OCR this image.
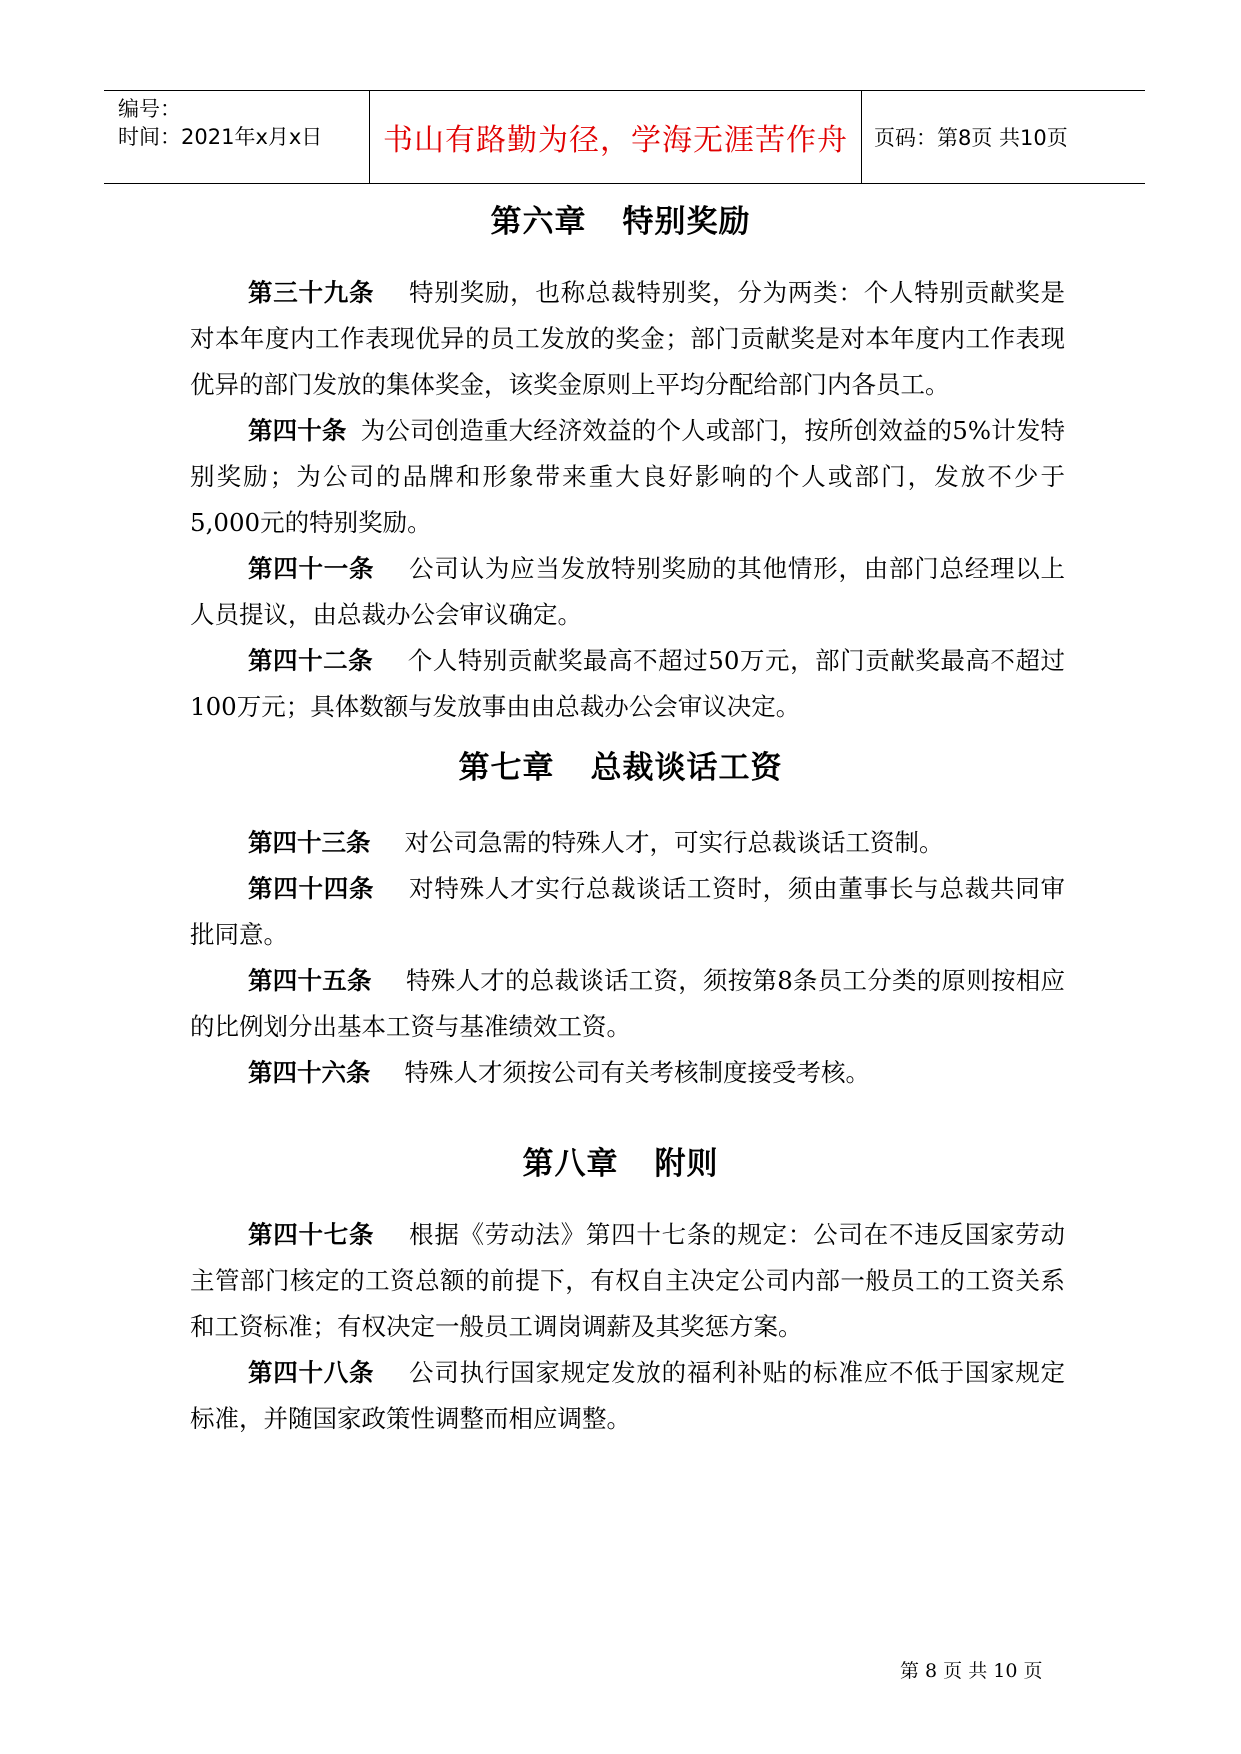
编号：
时间：2021年x月x日	书山有路勤为径，学海无涯苦作舟	页码：第8页 共10页
第六章 特别奖励
第三十九条 特别奖励，也称总裁特别奖，分为两类：个人特别贡献奖是对本年度内工作表现优异的员工发放的奖金；部门贡献奖是对本年度内工作表现优异的部门发放的集体奖金，该奖金原则上平均分配给部门内各员工。
第四十条 为公司创造重大经济效益的个人或部门，按所创效益的5%计发特别奖励；为公司的品牌和形象带来重大良好影响的个人或部门，发放不少于5,000元的特别奖励。
第四十一条 公司认为应当发放特别奖励的其他情形，由部门总经理以上人员提议，由总裁办公会审议确定。
第四十二条 个人特别贡献奖最高不超过50万元，部门贡献奖最高不超过100万元；具体数额与发放事由由总裁办公会审议决定。
第七章 总裁谈话工资
第四十三条 对公司急需的特殊人才，可实行总裁谈话工资制。
第四十四条 对特殊人才实行总裁谈话工资时，须由董事长与总裁共同审批同意。
第四十五条 特殊人才的总裁谈话工资，须按第8条员工分类的原则按相应的比例划分出基本工资与基准绩效工资。
第四十六条 特殊人才须按公司有关考核制度接受考核。
第八章 附则
第四十七条 根据《劳动法》第四十七条的规定：公司在不违反国家劳动主管部门核定的工资总额的前提下，有权自主决定公司内部一般员工的工资关系和工资标准；有权决定一般员工调岗调薪及其奖惩方案。
第四十八条 公司执行国家规定发放的福利补贴的标准应不低于国家规定标准，并随国家政策性调整而相应调整。
第 8 页 共 10 页
